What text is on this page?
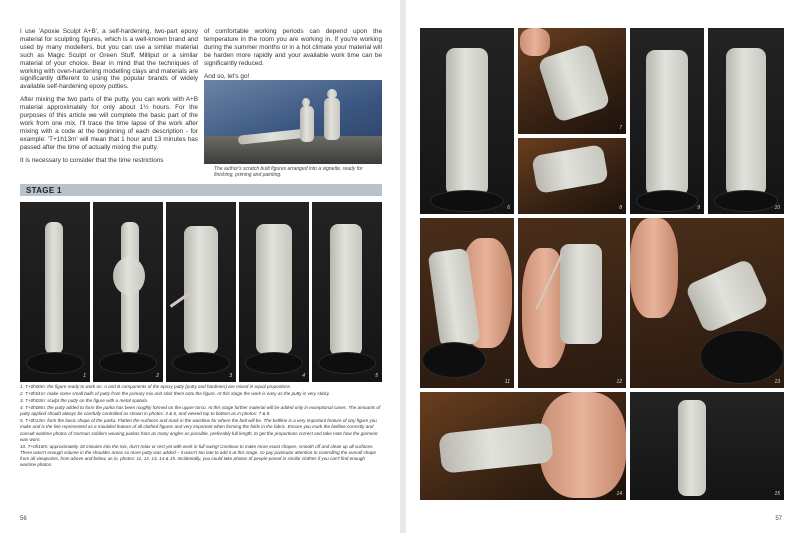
I use 'Apoxie Sculpt A+B', a self-hardening, two-part epoxy material for sculpting figures, which is a well-known brand and used by many modellers, but you can use a similar material such as Magic Sculpt or Green Stuff, Milliput or a similar material of your choice. Bear in mind that the techniques of working with oven-hardening modelling clays and materials are significantly different to using the popular brands of widely available self-hardening epoxy putties.

After mixing the two parts of the putty, you can work with A+B material approximately for only about 1½ hours. For the purposes of this article we will complete the basic part of the work from one mix. I'll trace the time lapse of the work after mixing with a code at the beginning of each description - for example: 'T+1h13m' will mean that 1 hour and 13 minutes has passed after the time of actually mixing the putty.

It is necessary to consider that the time restrictions

of comfortable working periods can depend upon the temperature in the room you are working in. If you're working during the summer months or in a hot climate your material will be harden more rapidly and your available work time can be significantly reduced.

And so, let's go!

The author's scratch built figures arranged into a vignette, ready for finishing, priming and painting.
STAGE 1
1	2	3	4	5

1. T+0h00m: the figure ready to work on. A and B components of the epoxy putty (putty and hardener) are mixed in equal proportions.

2. T+0h01m: make some small balls of putty from the primary mix and stick them onto the figure. At this stage the work is easy as the putty is very sticky.

3. T+0h03m: sculpt the putty on the figure with a metal spatula.

4. T+0h08m: the putty added to form the parka has been roughly formed on the upper torso. At this stage further material will be added only in exceptional cases. The amounts of putty applied should always be carefully controlled as shown in photos: 3 & 6, and viewed top to bottom as in photos: 7 & 8.

5. T+0h13m: form the basic shape of the parka. Flatten the surfaces and mark in the waistline for where the belt will be. The beltline is a very important feature of any figure you make and is the line represented as a moulded feature of all clothed figures and very important when forming the folds in the fabric. Ensure you mark the beltline correctly and consult wartime photos of German soldiers wearing parkas from as many angles as possible, preferably full length, to get the proportions correct and take note how the garment was worn.

10. T+0h18m: approximately 18 minutes into the mix, don't relax or rest yet with work in full swing! Continue to make more exact shapes, smooth off and clean up all surfaces. There wasn't enough volume in the shoulder areas so more putty was added – it wasn't too late to add it at this stage, so pay particular attention to controlling the overall shape from all viewpoints, from above and below, as in, photos: 11, 12, 13, 14 & 15. Incidentally, you could take photos of people posed in similar clothes if you can't find enough wartime photos.

56
6
7
8	9	10
11	12	13
14	15
57
